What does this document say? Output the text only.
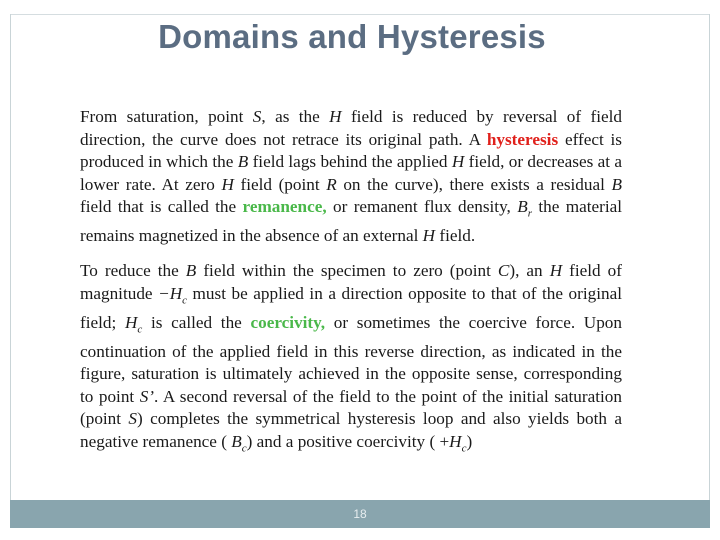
Domains and Hysteresis

From saturation, point S, as the H field is reduced by reversal of field direction, the curve does not retrace its original path. A hysteresis effect is produced in which the B field lags behind the applied H field, or decreases at a lower rate. At zero H field (point R on the curve), there exists a residual B field that is called the remanence, or remanent flux density, $B_r$ the material remains magnetized in the absence of an external H field.

To reduce the B field within the specimen to zero (point C), an H field of magnitude $-H_c$ must be applied in a direction opposite to that of the original field; $H_c$ is called the coercivity, or sometimes the coercive force. Upon continuation of the applied field in this reverse direction, as indicated in the figure, saturation is ultimately achieved in the opposite sense, corresponding to point S’. A second reversal of the field to the point of the initial saturation (point S) completes the symmetrical hysteresis loop and also yields both a negative remanence ( $B_c$) and a positive coercivity ( $+H_c$)

18
